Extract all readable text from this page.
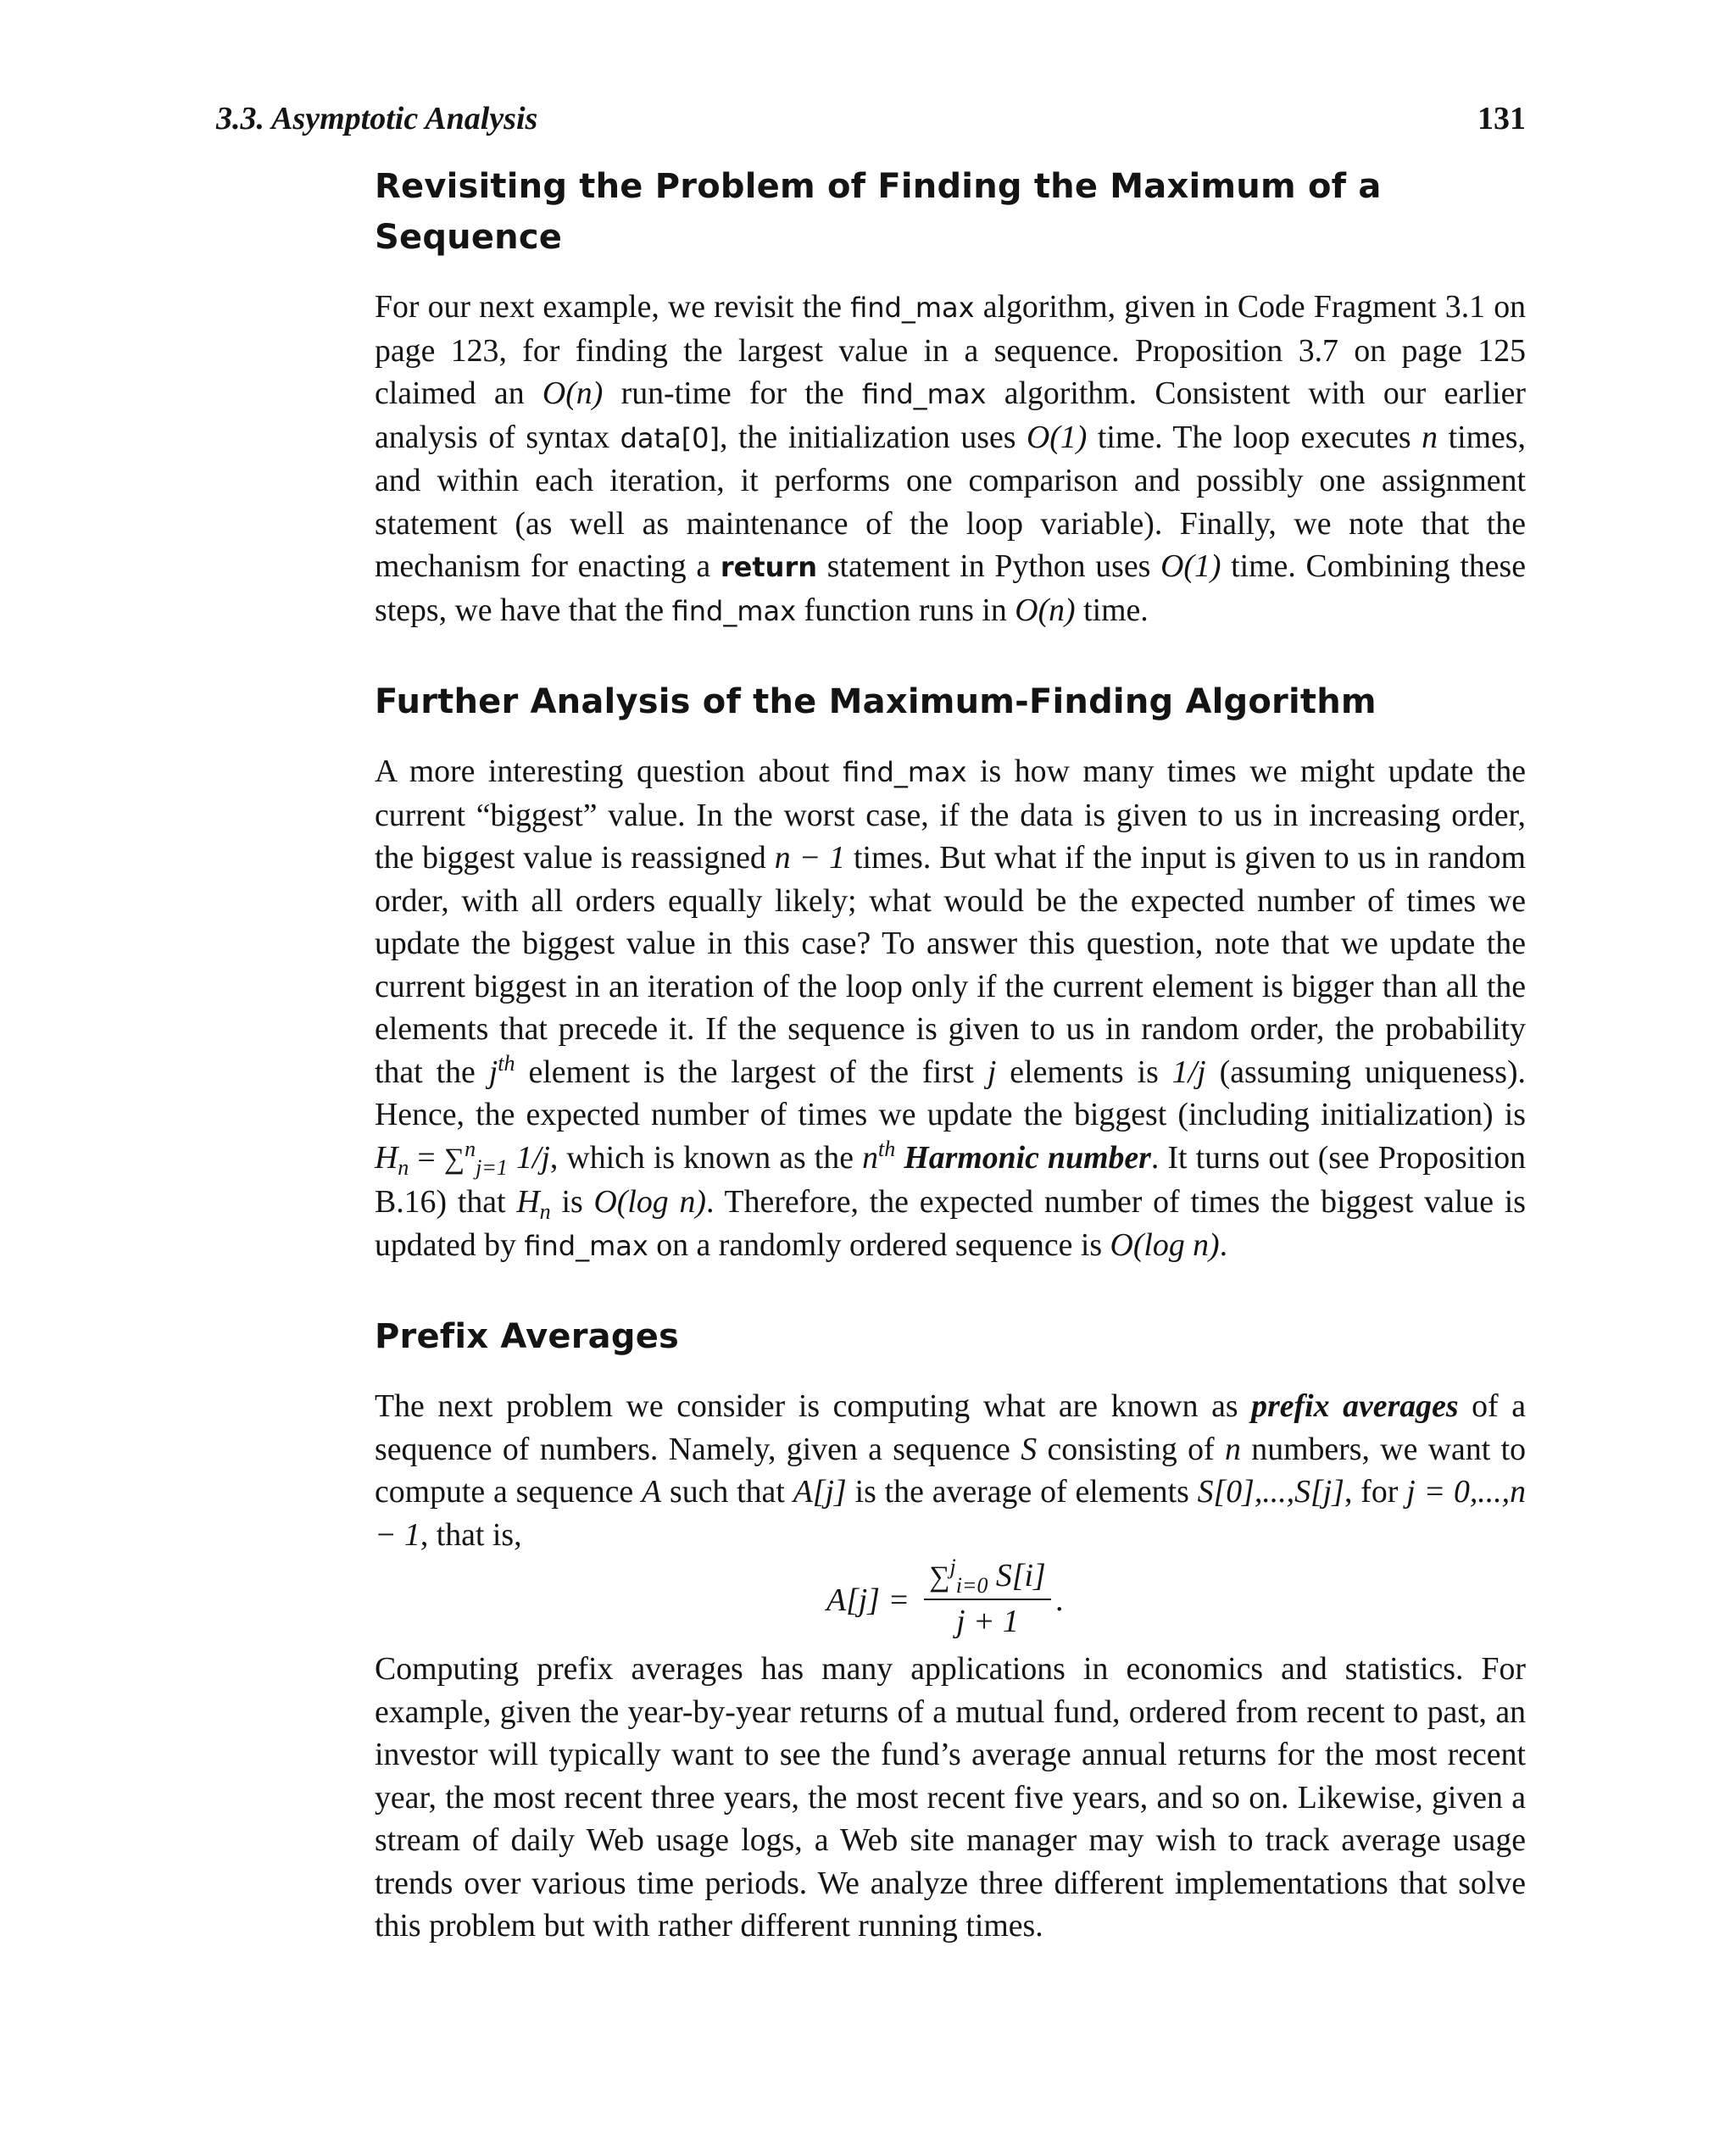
3.3. Asymptotic Analysis	131
Revisiting the Problem of Finding the Maximum of a Sequence

For our next example, we revisit the find_max algorithm, given in Code Fragment 3.1 on page 123, for finding the largest value in a sequence. Proposition 3.7 on page 125 claimed an O(n) run-time for the find_max algorithm. Consistent with our earlier analysis of syntax data[0], the initialization uses O(1) time. The loop executes n times, and within each iteration, it performs one comparison and possibly one assignment statement (as well as maintenance of the loop variable). Finally, we note that the mechanism for enacting a return statement in Python uses O(1) time. Combining these steps, we have that the find_max function runs in O(n) time.

Further Analysis of the Maximum-Finding Algorithm

A more interesting question about find_max is how many times we might update the current “biggest” value. In the worst case, if the data is given to us in increasing order, the biggest value is reassigned n − 1 times. But what if the input is given to us in random order, with all orders equally likely; what would be the expected number of times we update the biggest value in this case? To answer this question, note that we update the current biggest in an iteration of the loop only if the current element is bigger than all the elements that precede it. If the sequence is given to us in random order, the probability that the $j^{th}$ element is the largest of the first j elements is 1/j (assuming uniqueness). Hence, the expected number of times we update the biggest (including initialization) is $H_n = \sum^n_{j=1}$ 1/j, which is known as the $n^{th}$ Harmonic number. It turns out (see Proposition B.16) that $H_n$ is O(log n). Therefore, the expected number of times the biggest value is updated by find_max on a randomly ordered sequence is O(log n).

Prefix Averages

The next problem we consider is computing what are known as prefix averages of a sequence of numbers. Namely, given a sequence S consisting of n numbers, we want to compute a sequence A such that A[j] is the average of elements S[0],...,S[j], for j = 0,...,n − 1, that is,

A[j] =
∑$^j_{i=0}$ S[i]
j + 1
.

Computing prefix averages has many applications in economics and statistics. For example, given the year-by-year returns of a mutual fund, ordered from recent to past, an investor will typically want to see the fund’s average annual returns for the most recent year, the most recent three years, the most recent five years, and so on. Likewise, given a stream of daily Web usage logs, a Web site manager may wish to track average usage trends over various time periods. We analyze three different implementations that solve this problem but with rather different running times.
